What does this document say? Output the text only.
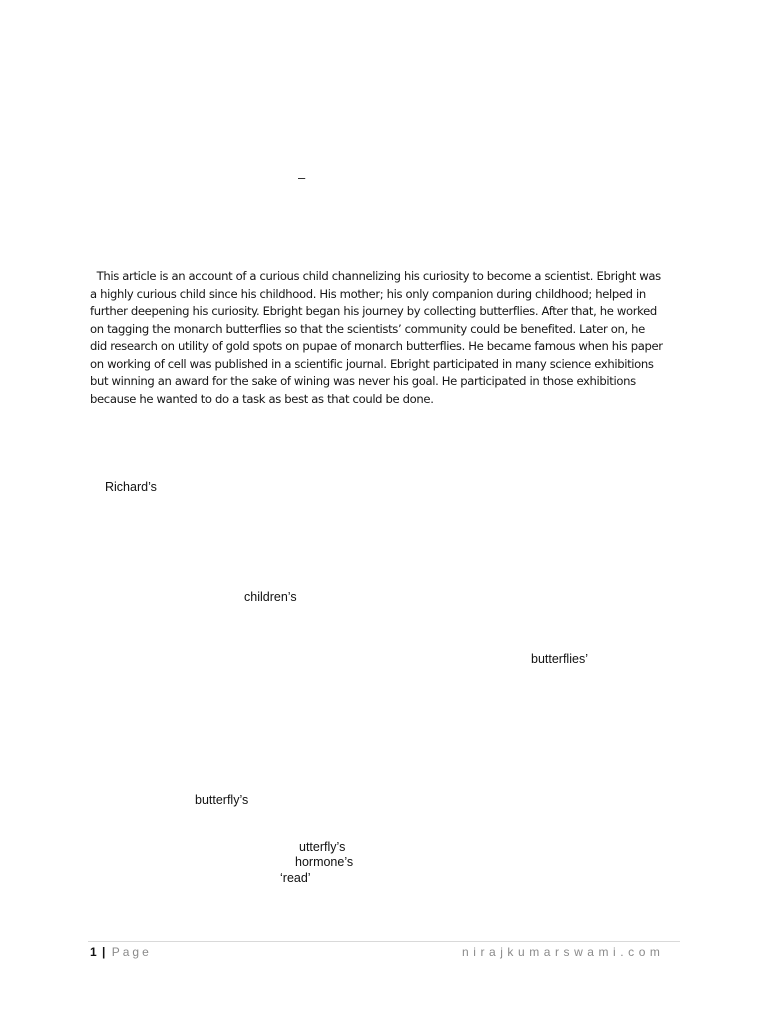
–
This article is an account of a curious child channelizing his curiosity to become a scientist. Ebright was
a highly curious child since his childhood. His mother; his only companion during childhood; helped in
further deepening his curiosity. Ebright began his journey by collecting butterflies. After that, he worked
on tagging the monarch butterflies so that the scientists’ community could be benefited. Later on, he
did research on utility of gold spots on pupae of monarch butterflies. He became famous when his paper
on working of cell was published in a scientific journal. Ebright participated in many science exhibitions
but winning an award for the sake of wining was never his goal. He participated in those exhibitions
because he wanted to do a task as best as that could be done.
Richard’s
children’s
butterflies’
butterfly’s
utterfly’s
hormone’s
‘read’
1 | Page	nirajkumarswami.com
